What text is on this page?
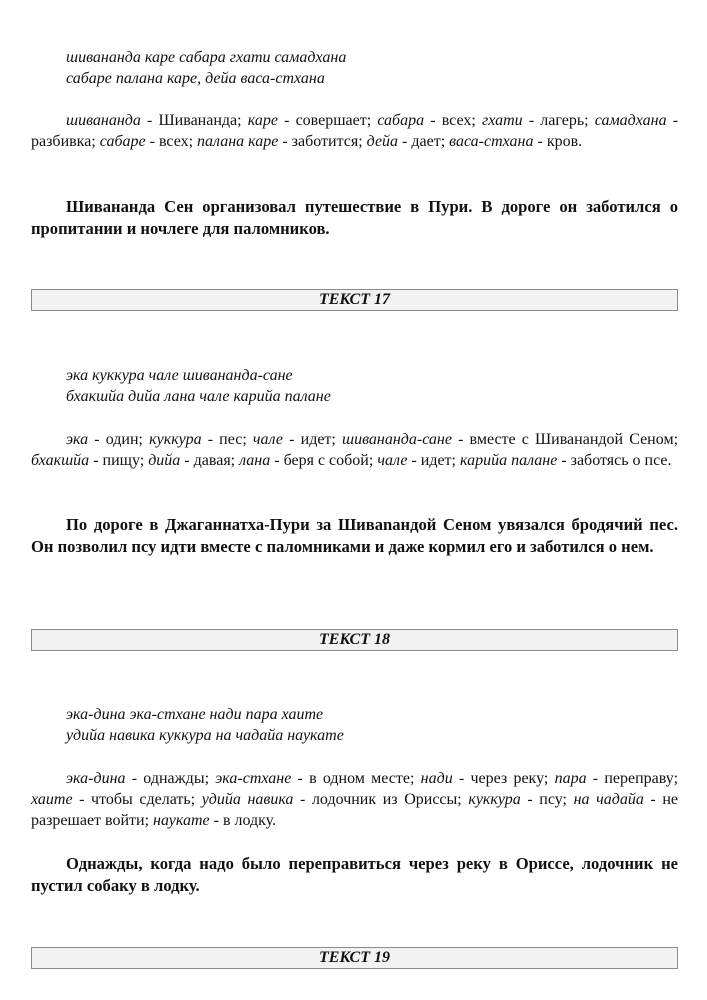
шивананда каре сабара гхати самадхана
сабаре палана каре, дейа васа-стхана

шивананда - Шивананда; каре - совершает; сабара - всех; гхати - лагерь; самадхана - разбивка; сабаре - всех; палана каре - заботится; дейа - дает; васа-стхана - кров.

Шивананда Сен организовал путешествие в Пури. В дороге он заботился о пропитании и ночлеге для паломников.

ТЕКСТ 17
эка куккура чале шивананда-сане
бхакшйа дийа лана чале карийа палане

эка - один; куккура - пес; чале - идет; шивананда-сане - вместе с Шиванандой Сеном; бхакшйа - пищу; дийа - давая; лана - беря с собой; чале - идет; карийа палане - заботясь о псе.

По дороге в Джаганнатха-Пури за Шивanандой Сеном увязался бродячий пес. Он позволил псу идти вместе с паломниками и даже кормил его и заботился о нем.

ТЕКСТ 18
эка-дина эка-стхане нади пара хаите
удийа навика куккура на чадайа наукате

эка-дина - однажды; эка-стхане - в одном месте; нади - через реку; пара - переправу; хаите - чтобы сделать; удийа навика - лодочник из Ориссы; куккура - псу; на чадайа - не разрешает войти; наукате - в лодку.

Однажды, когда надо было переправиться через реку в Ориссе, лодочник не пустил собаку в лодку.

ТЕКСТ 19
